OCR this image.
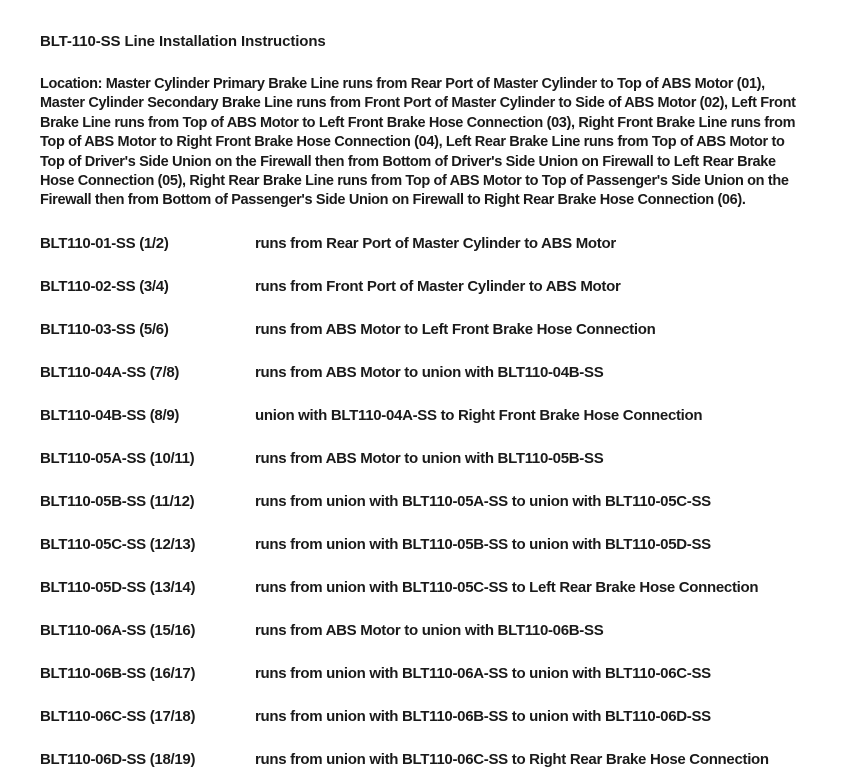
BLT-110-SS Line Installation Instructions
Location: Master Cylinder Primary Brake Line runs from Rear Port of Master Cylinder to Top of ABS Motor (01),
Master Cylinder Secondary Brake Line runs from Front Port of Master Cylinder to Side of ABS Motor (02), Left Front
Brake Line runs from Top of ABS Motor to Left Front Brake Hose Connection (03), Right Front Brake Line runs from
Top of ABS Motor to Right Front Brake Hose Connection (04), Left Rear Brake Line runs from Top of ABS Motor to
Top of Driver's Side Union on the Firewall then from Bottom of Driver's Side Union on Firewall to Left Rear Brake
Hose Connection (05), Right Rear Brake Line runs from Top of ABS Motor to Top of Passenger's Side Union on the
Firewall then from Bottom of Passenger's Side Union on Firewall to Right Rear Brake Hose Connection (06).
BLT110-01-SS (1/2)	runs from Rear Port of Master Cylinder to ABS Motor
BLT110-02-SS (3/4)	runs from Front Port of Master Cylinder to ABS Motor
BLT110-03-SS (5/6)	runs from ABS Motor to Left Front Brake Hose Connection
BLT110-04A-SS (7/8)	runs from ABS Motor to union with BLT110-04B-SS
BLT110-04B-SS (8/9)	union with BLT110-04A-SS to Right Front Brake Hose Connection
BLT110-05A-SS (10/11)	runs from ABS Motor to union with BLT110-05B-SS
BLT110-05B-SS (11/12)	runs from union with BLT110-05A-SS to union with BLT110-05C-SS
BLT110-05C-SS (12/13)	runs from union with BLT110-05B-SS to union with BLT110-05D-SS
BLT110-05D-SS (13/14)	runs from union with BLT110-05C-SS to Left Rear Brake Hose Connection
BLT110-06A-SS (15/16)	runs from ABS Motor to union with BLT110-06B-SS
BLT110-06B-SS (16/17)	runs from union with BLT110-06A-SS to union with BLT110-06C-SS
BLT110-06C-SS (17/18)	runs from union with BLT110-06B-SS to union with BLT110-06D-SS
BLT110-06D-SS (18/19)	runs from union with BLT110-06C-SS to Right Rear Brake Hose Connection
